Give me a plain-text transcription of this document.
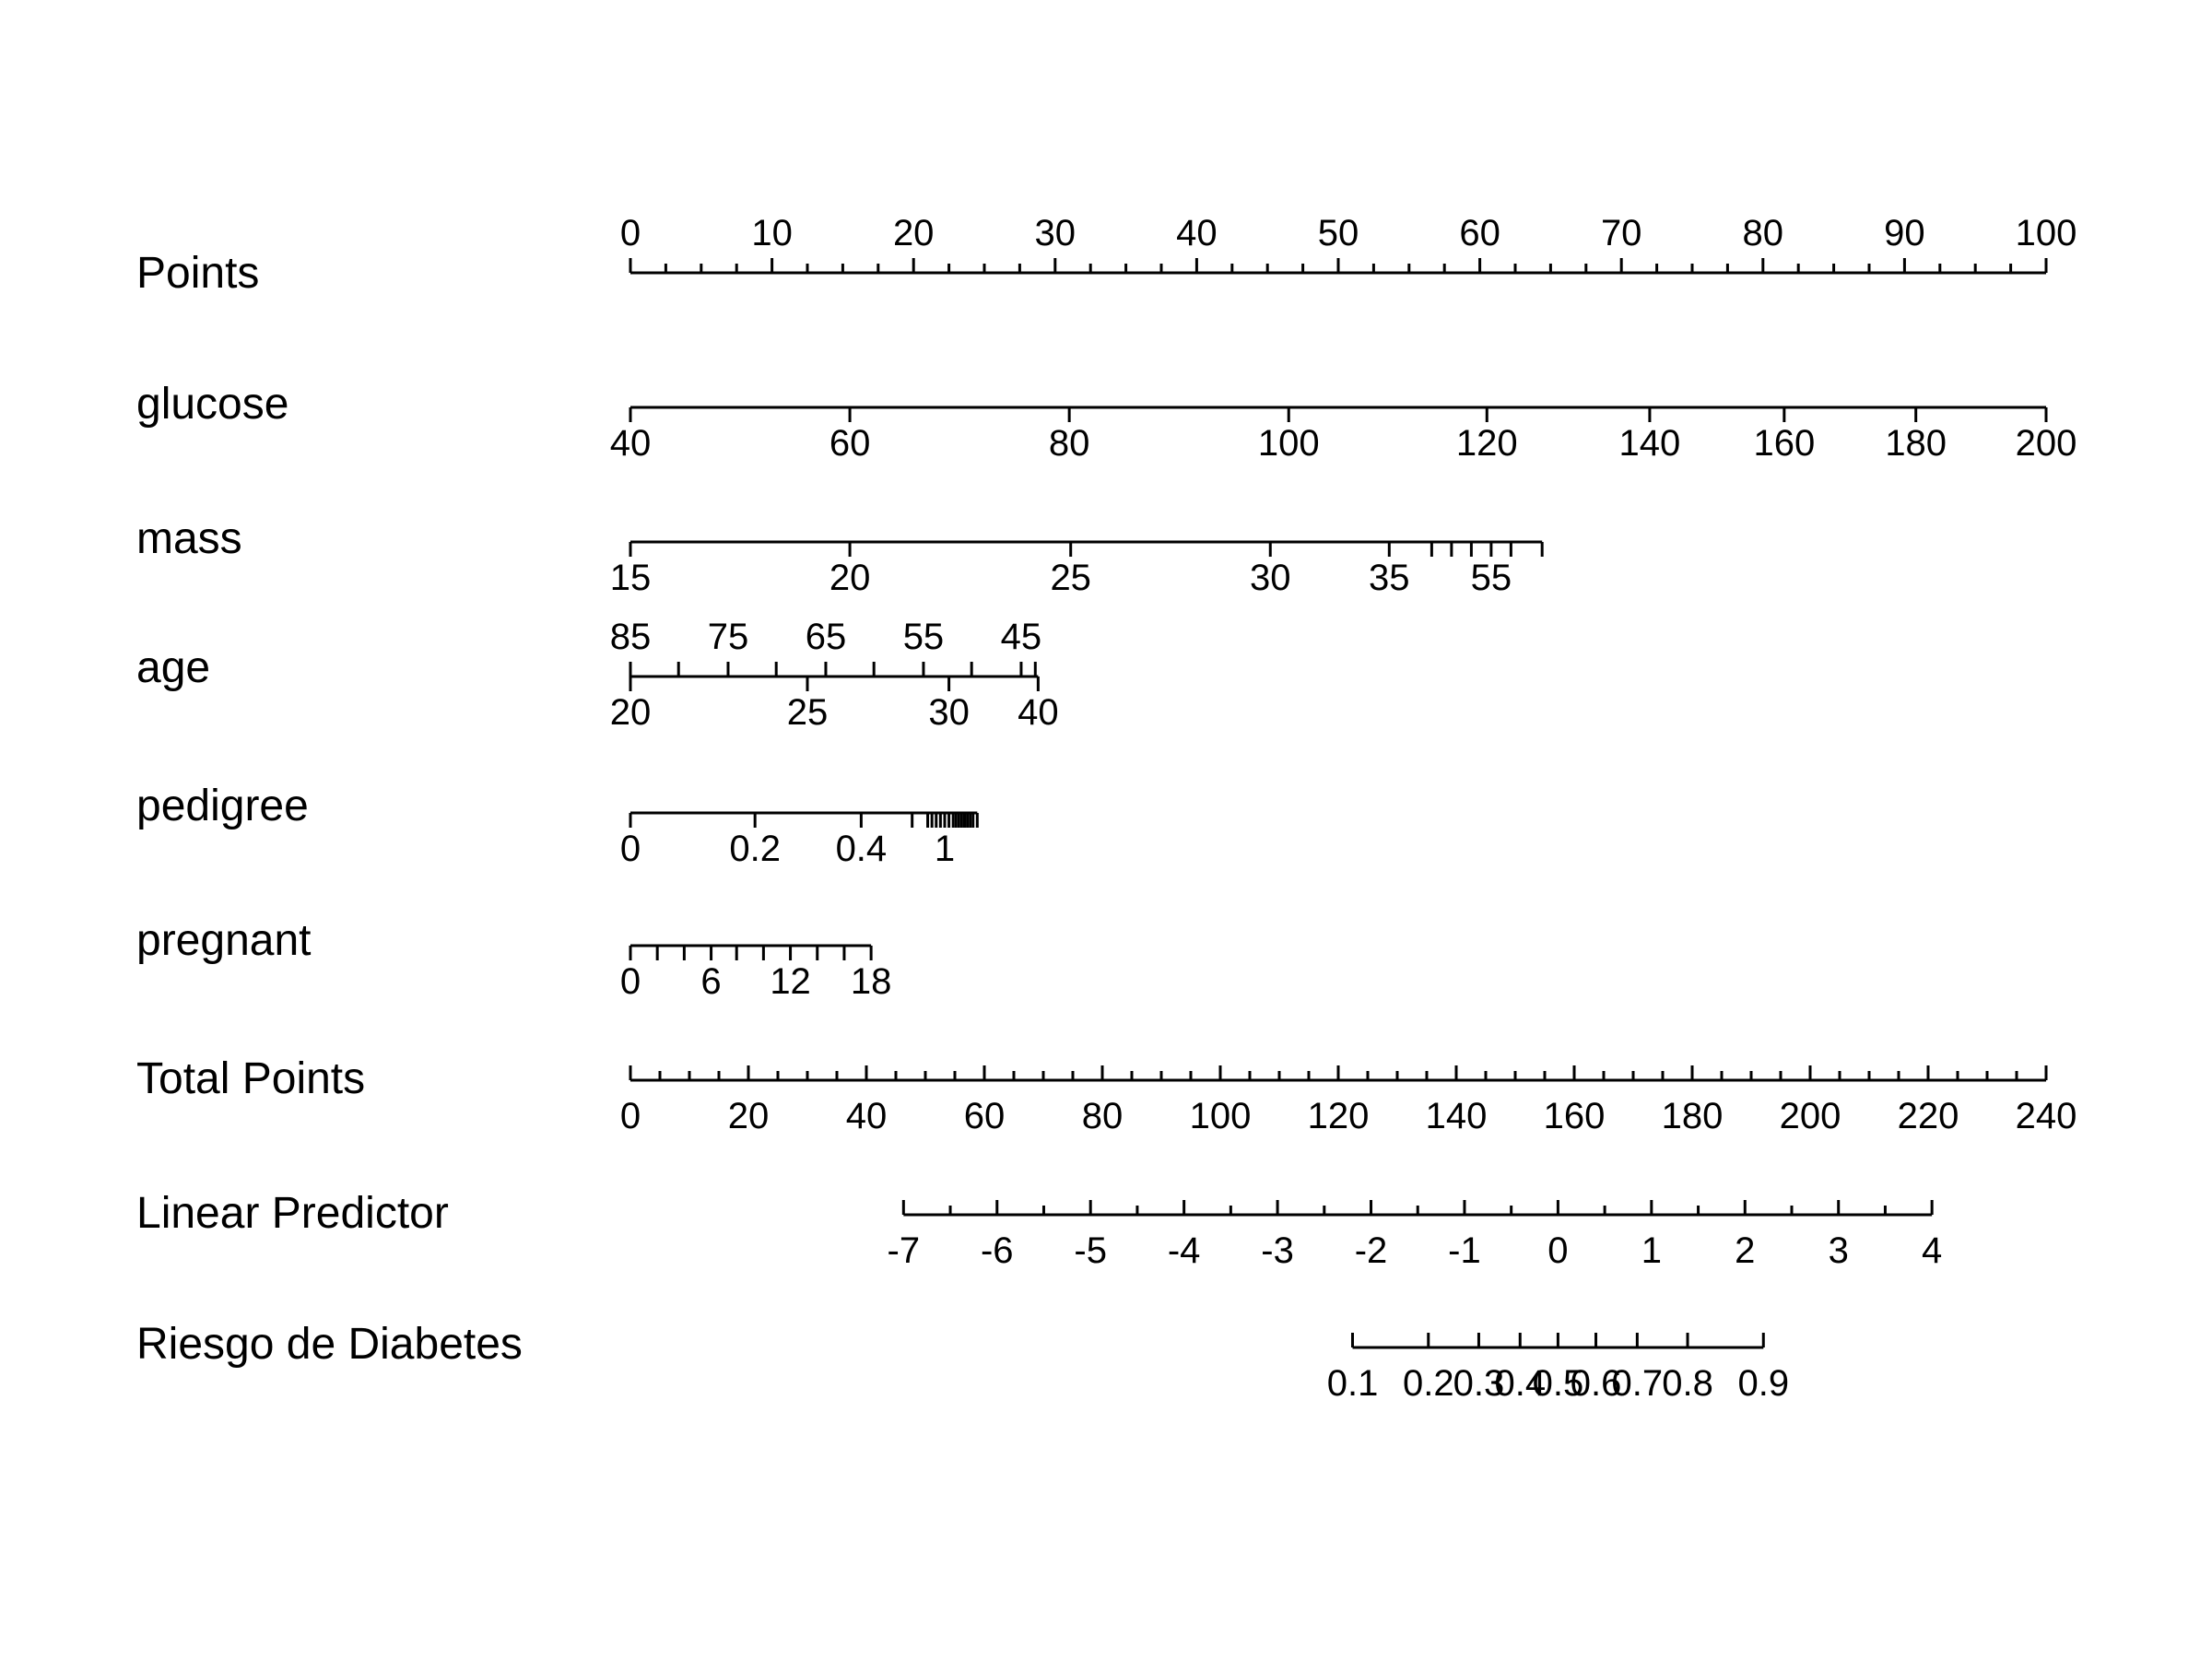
Points
glucose
mass
age
pedigree
pregnant
Total Points
Linear Predictor
Riesgo de Diabetes
0	10	20	30	40	50	60	70	80	90 100
40	60	80	100	120	140 160 180 200
15	20	25	30 35 55
85 75 65 55 45
20	25	30 40
0 0.2 0.4 1
0 6 12 18
0 20 40 60 80 100 120 140 160 180 200 220 240
-7 -6 -5 -4 -3 -2 -1 0 1 2 3 4
0.1 0.2 0.3
0.4
0.5
0.6
0.7 0.8 0.9
